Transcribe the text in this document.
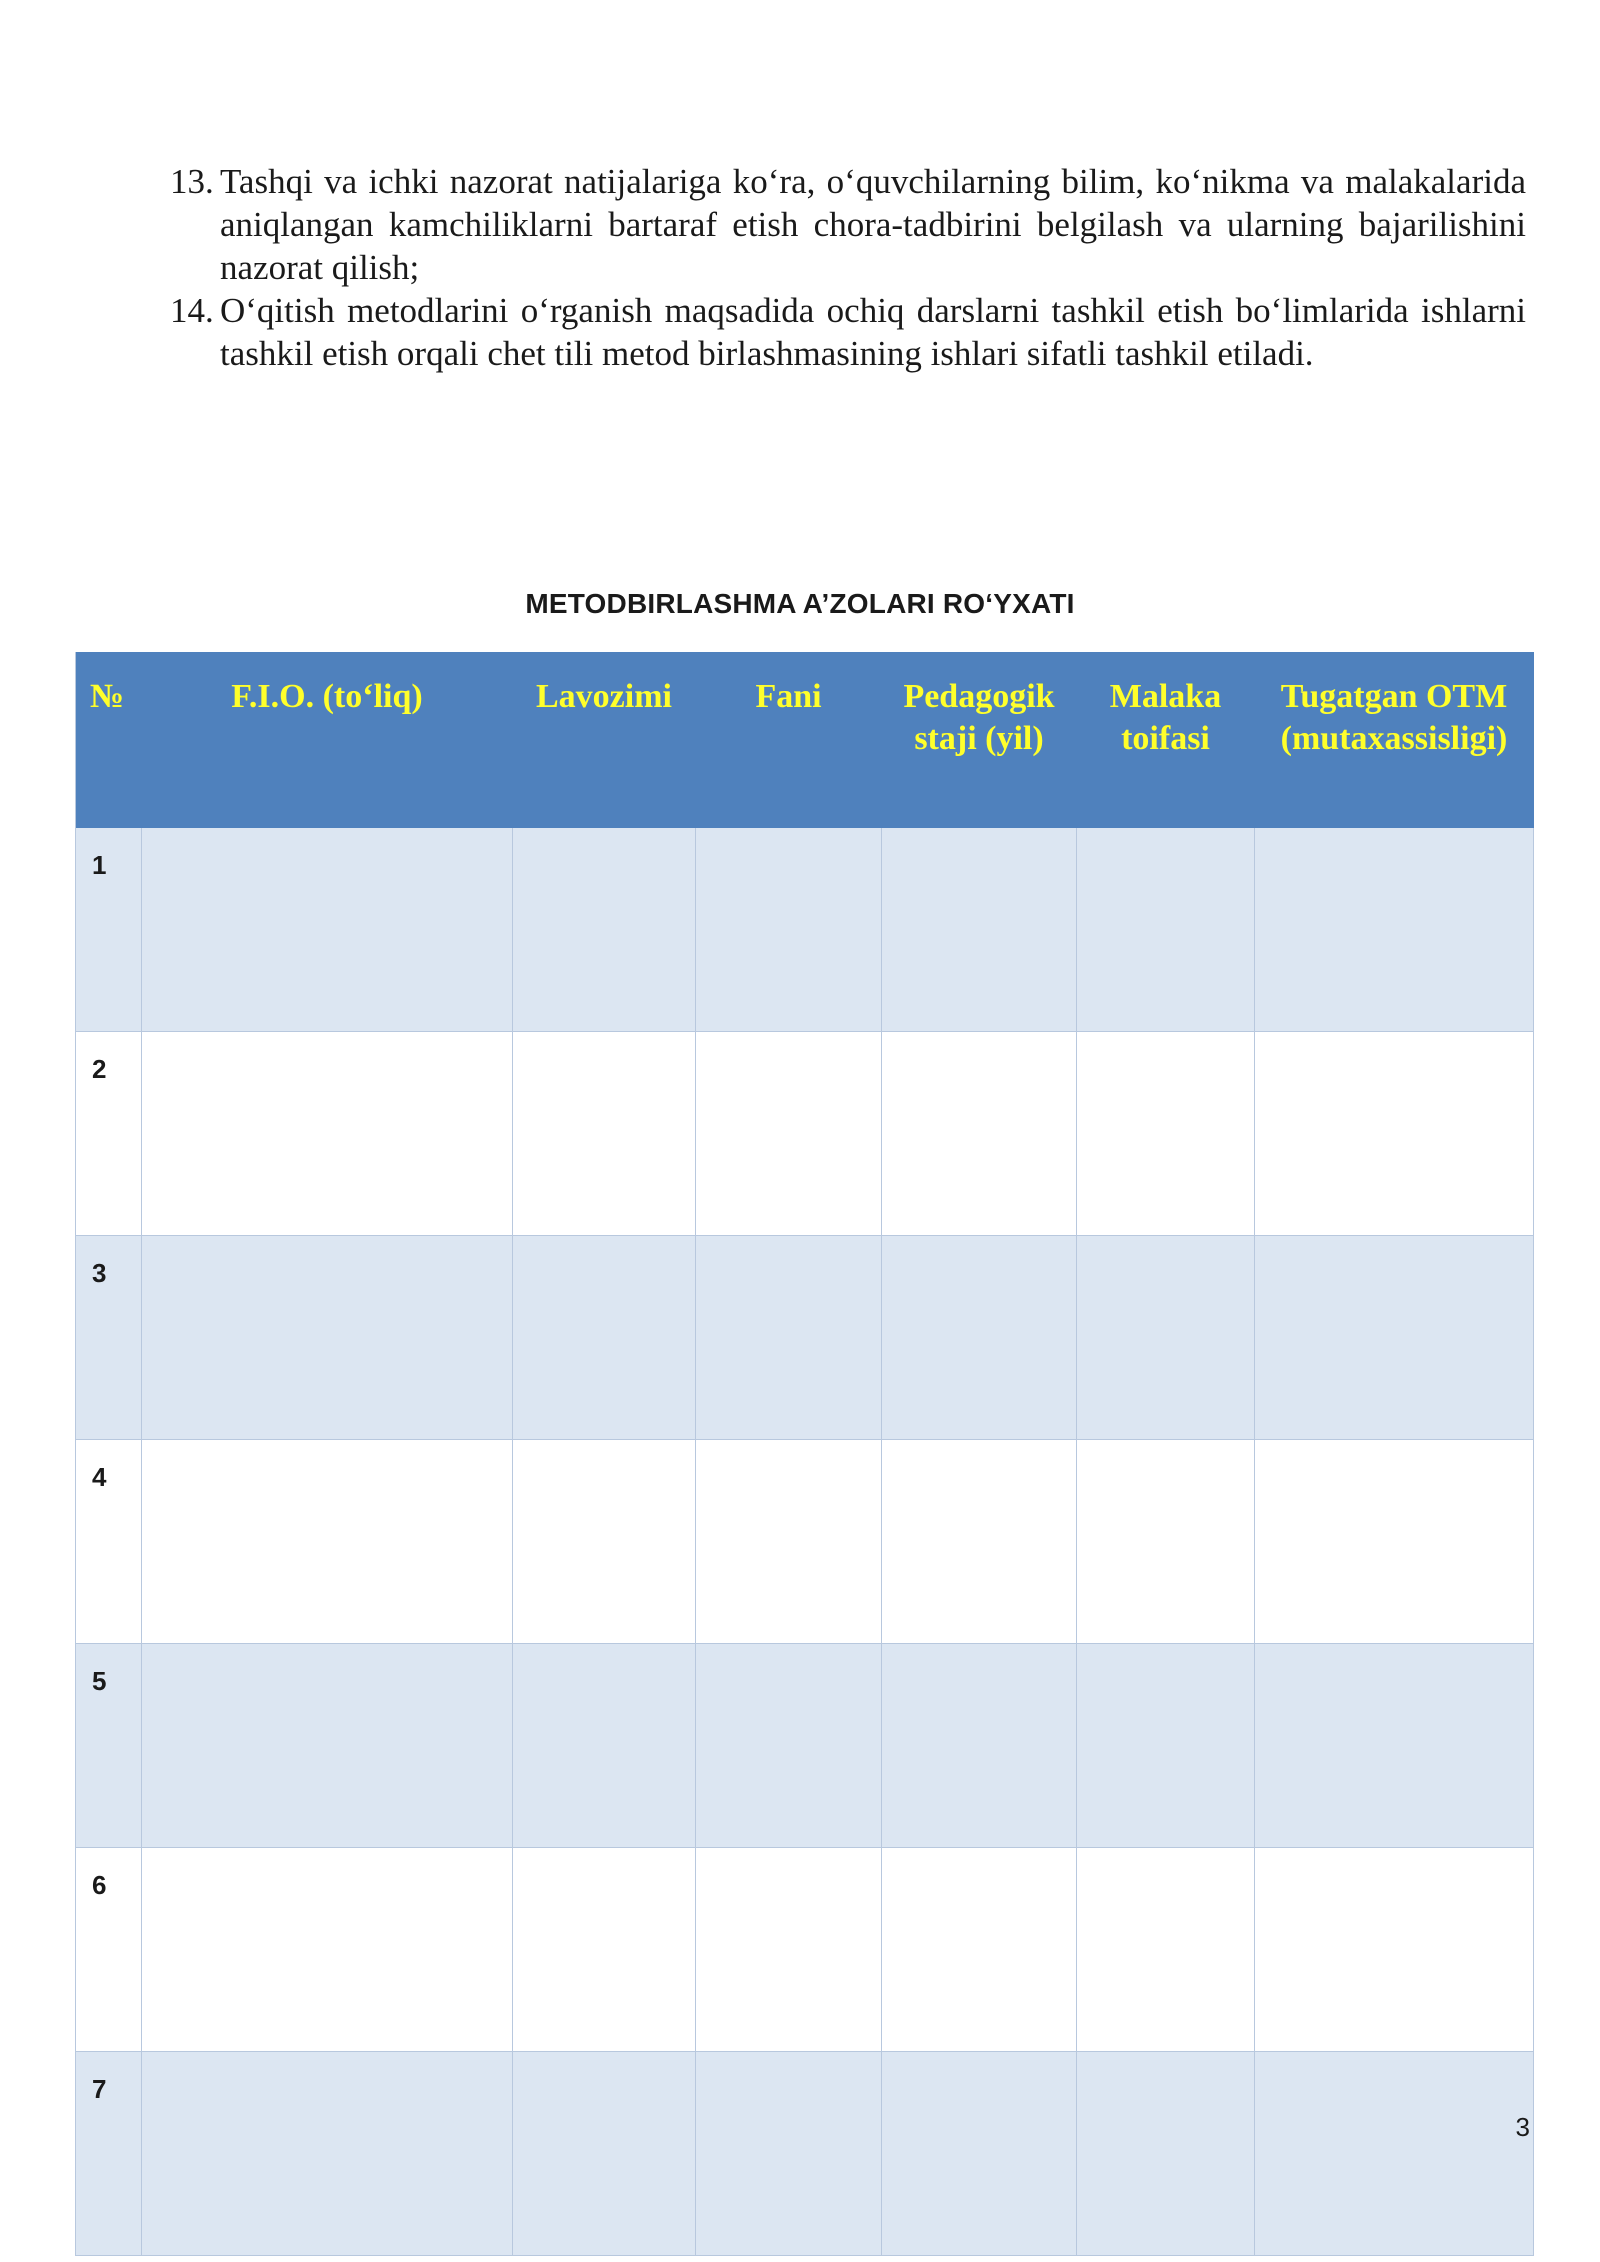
13. Tashqi va ichki nazorat natijalariga ko‘ra, o‘quvchilarning bilim, ko‘nikma va malakalarida aniqlangan kamchiliklarni bartaraf etish chora-tadbirini belgilash va ularning bajarilishini nazorat qilish;
14. O‘qitish metodlarini o‘rganish maqsadida ochiq darslarni tashkil etish bo‘limlarida ishlarni tashkil etish orqali chet tili metod birlashmasining ishlari sifatli tashkil etiladi.
METODBIRLASHMA A’ZOLARI RO‘YXATI
№	F.I.O. (to‘liq)	Lavozimi	Fani	Pedagogik staji (yil)	Malaka toifasi	Tugatgan OTM (mutaxassisligi)
1						
2						
3						
4						
5						
6						
7						
3
